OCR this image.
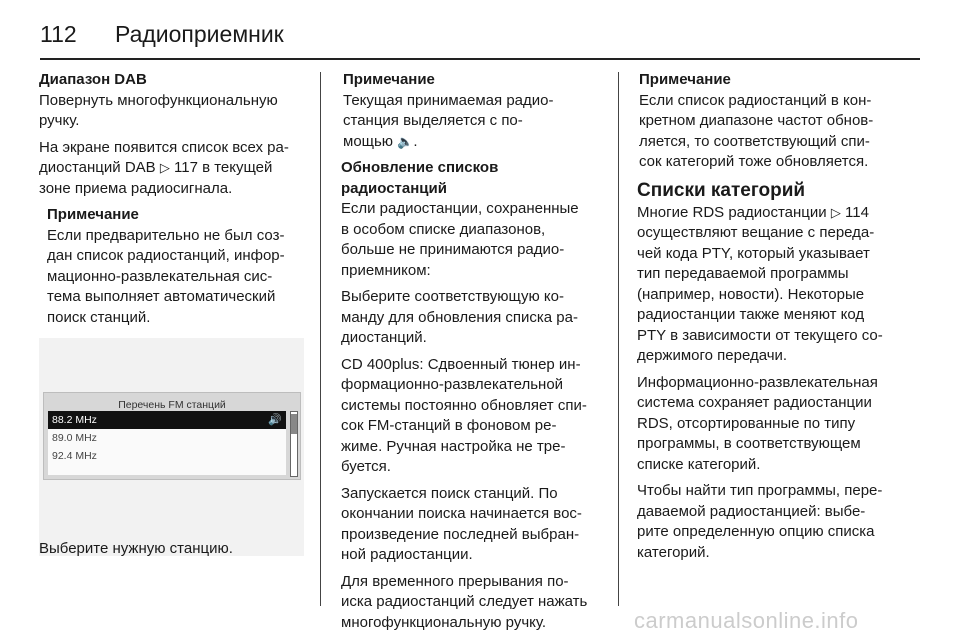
112	Радиоприемник
Диапазон DAB

Повернуть многофункциональную
ручку.

На экране появится список всех ра-
диостанций DAB ▷ 117 в текущей
зоне приема радиосигнала.

Примечание
Если предварительно не был соз-
дан список радиостанций, инфор-
мационно-развлекательная сис-
тема выполняет автоматический
поиск станций.
Перечень FM станций
88.2 MHz	🔊
89.0 MHz
92.4 MHz
Выберите нужную станцию.
Примечание
Текущая принимаемая радио-
станция выделяется с по-
мощью 🔈.
Обновление списков радиостанций

Если радиостанции, сохраненные
в особом списке диапазонов,
больше не принимаются радио-
приемником:

Выберите соответствующую ко-
манду для обновления списка ра-
диостанций.

CD 400plus: Сдвоенный тюнер ин-
формационно-развлекательной
системы постоянно обновляет спи-
сок FM-станций в фоновом ре-
жиме. Ручная настройка не тре-
буется.

Запускается поиск станций. По
окончании поиска начинается вос-
произведение последней выбран-
ной радиостанции.

Для временного прерывания по-
иска радиостанций следует нажать
многофункциональную ручку.

Примечание
Если список радиостанций в кон-
кретном диапазоне частот обнов-
ляется, то соответствующий спи-
сок категорий тоже обновляется.
Списки категорий

Многие RDS радиостанции ▷ 114
осуществляют вещание с переда-
чей кода PTY, который указывает
тип передаваемой программы
(например, новости). Некоторые
радиостанции также меняют код
PTY в зависимости от текущего со-
держимого передачи.

Информационно-развлекательная
система сохраняет радиостанции
RDS, отсортированные по типу
программы, в соответствующем
списке категорий.

Чтобы найти тип программы, пере-
даваемой радиостанцией: выбе-
рите определенную опцию списка
категорий.

carmanualsonline.info
